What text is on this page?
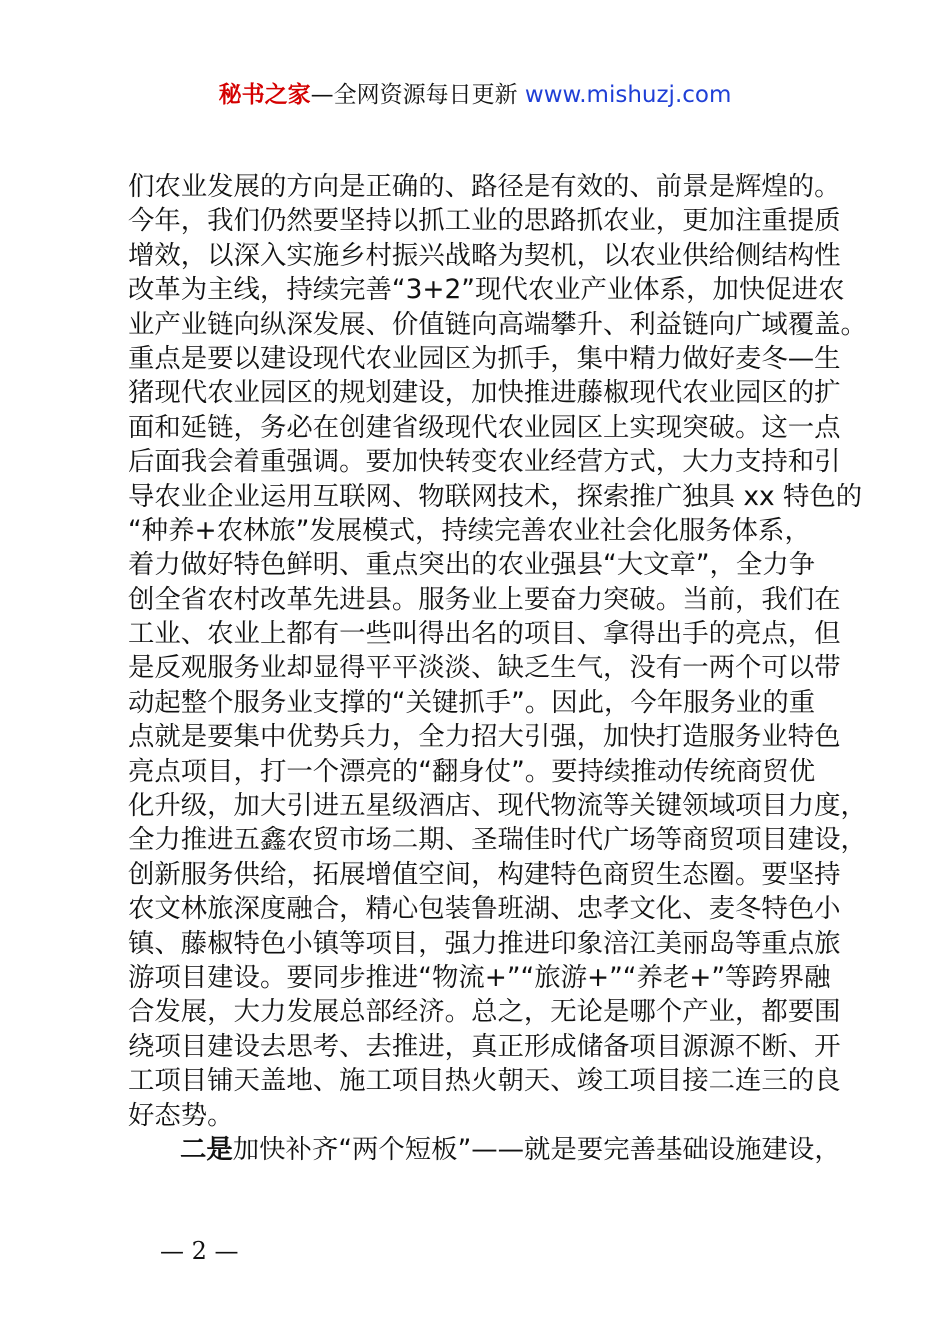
秘书之家—全网资源每日更新 www.mishuzj.com
们农业发展的方向是正确的、路径是有效的、前景是辉煌的。
今年，我们仍然要坚持以抓工业的思路抓农业，更加注重提质
增效，以深入实施乡村振兴战略为契机，以农业供给侧结构性
改革为主线，持续完善“3+2”现代农业产业体系，加快促进农
业产业链向纵深发展、价值链向高端攀升、利益链向广域覆盖。
重点是要以建设现代农业园区为抓手，集中精力做好麦冬—生
猪现代农业园区的规划建设，加快推进藤椒现代农业园区的扩
面和延链，务必在创建省级现代农业园区上实现突破。这一点
后面我会着重强调。要加快转变农业经营方式，大力支持和引
导农业企业运用互联网、物联网技术，探索推广独具 xx 特色的
“种养+农林旅”发展模式，持续完善农业社会化服务体系，
着力做好特色鲜明、重点突出的农业强县“大文章”，全力争
创全省农村改革先进县。服务业上要奋力突破。当前，我们在
工业、农业上都有一些叫得出名的项目、拿得出手的亮点，但
是反观服务业却显得平平淡淡、缺乏生气，没有一两个可以带
动起整个服务业支撑的“关键抓手”。因此，今年服务业的重
点就是要集中优势兵力，全力招大引强，加快打造服务业特色
亮点项目，打一个漂亮的“翻身仗”。要持续推动传统商贸优
化升级，加大引进五星级酒店、现代物流等关键领域项目力度，
全力推进五鑫农贸市场二期、圣瑞佳时代广场等商贸项目建设，
创新服务供给，拓展增值空间，构建特色商贸生态圈。要坚持
农文林旅深度融合，精心包装鲁班湖、忠孝文化、麦冬特色小
镇、藤椒特色小镇等项目，强力推进印象涪江美丽岛等重点旅
游项目建设。要同步推进“物流+”“旅游+”“养老+”等跨界融
合发展，大力发展总部经济。总之，无论是哪个产业，都要围
绕项目建设去思考、去推进，真正形成储备项目源源不断、开
工项目铺天盖地、施工项目热火朝天、竣工项目接二连三的良
好态势。
二是加快补齐“两个短板”——就是要完善基础设施建设，
— 2 —
